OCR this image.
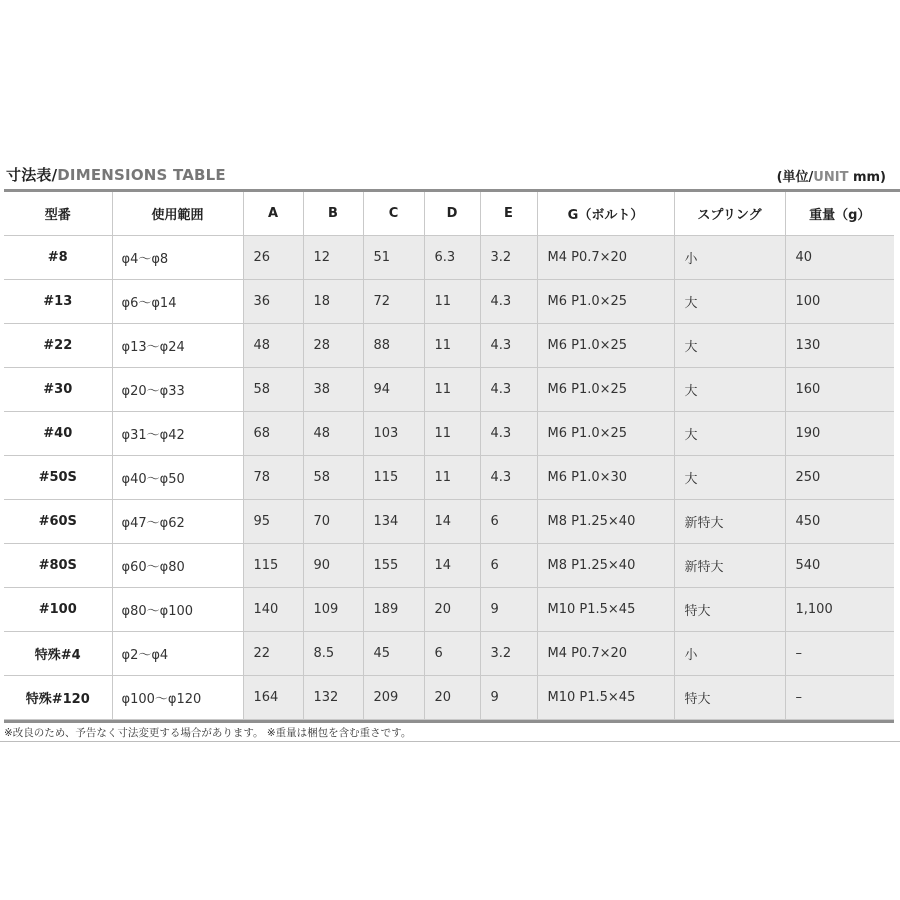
寸法表/DIMENSIONS TABLE	(単位/UNIT mm)
型番	使用範囲	A	B	C	D	E	G（ボルト）	スプリング	重量（g）
#8	φ4〜φ8	26	12	51	6.3	3.2	M4 P0.7×20	小	40
#13	φ6〜φ14	36	18	72	11	4.3	M6 P1.0×25	大	100
#22	φ13〜φ24	48	28	88	11	4.3	M6 P1.0×25	大	130
#30	φ20〜φ33	58	38	94	11	4.3	M6 P1.0×25	大	160
#40	φ31〜φ42	68	48	103	11	4.3	M6 P1.0×25	大	190
#50S	φ40〜φ50	78	58	115	11	4.3	M6 P1.0×30	大	250
#60S	φ47〜φ62	95	70	134	14	6	M8 P1.25×40	新特大	450
#80S	φ60〜φ80	115	90	155	14	6	M8 P1.25×40	新特大	540
#100	φ80〜φ100	140	109	189	20	9	M10 P1.5×45	特大	1,100
特殊#4	φ2〜φ4	22	8.5	45	6	3.2	M4 P0.7×20	小	–
特殊#120	φ100〜φ120	164	132	209	20	9	M10 P1.5×45	特大	–
※改良のため、予告なく寸法変更する場合があります。 ※重量は梱包を含む重さです。
